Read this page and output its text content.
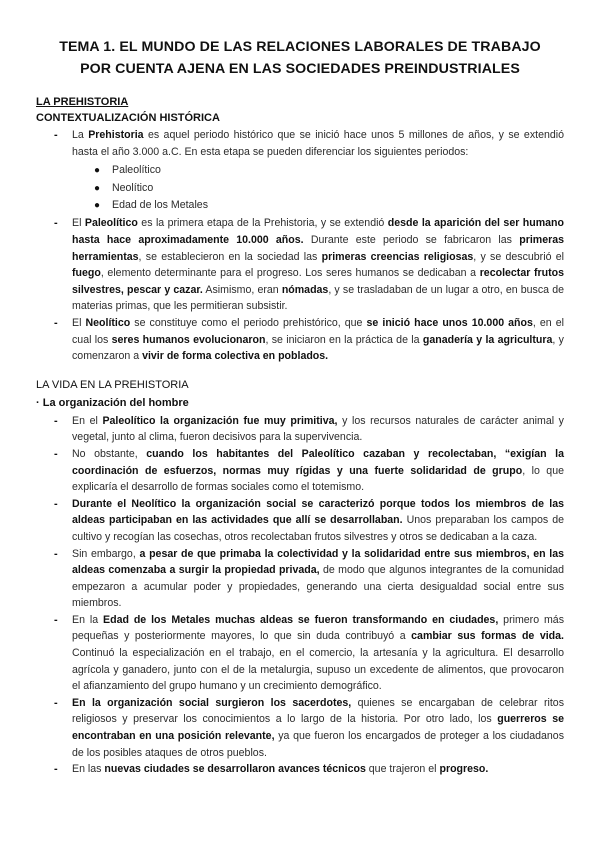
TEMA 1. EL MUNDO DE LAS RELACIONES LABORALES DE TRABAJO
POR CUENTA AJENA EN LAS SOCIEDADES PREINDUSTRIALES
LA PREHISTORIA
CONTEXTUALIZACIÓN HISTÓRICA
- La Prehistoria es aquel periodo histórico que se inició hace unos 5 millones de años, y se extendió hasta el año 3.000 a.C. En esta etapa se pueden diferenciar los siguientes periodos:

● Paleolítico
● Neolítico
● Edad de los Metales
- El Paleolítico es la primera etapa de la Prehistoria, y se extendió desde la aparición del ser humano hasta hace aproximadamente 10.000 años. Durante este periodo se fabricaron las primeras herramientas, se establecieron en la sociedad las primeras creencias religiosas, y se descubrió el fuego, elemento determinante para el progreso. Los seres humanos se dedicaban a recolectar frutos silvestres, pescar y cazar. Asimismo, eran nómadas, y se trasladaban de un lugar a otro, en busca de materias primas, que les permitieran subsistir.

- El Neolítico se constituye como el periodo prehistórico, que se inició hace unos 10.000 años, en el cual los seres humanos evolucionaron, se iniciaron en la práctica de la ganadería y la agricultura, y comenzaron a vivir de forma colectiva en poblados.

LA VIDA EN LA PREHISTORIA
· La organización del hombre
- En el Paleolítico la organización fue muy primitiva, y los recursos naturales de carácter animal y vegetal, junto al clima, fueron decisivos para la supervivencia.

- No obstante, cuando los habitantes del Paleolítico cazaban y recolectaban, “exigían la coordinación de esfuerzos, normas muy rígidas y una fuerte solidaridad de grupo, lo que explicaría el desarrollo de formas sociales como el totemismo.

- Durante el Neolítico la organización social se caracterizó porque todos los miembros de las aldeas participaban en las actividades que allí se desarrollaban. Unos preparaban los campos de cultivo y recogían las cosechas, otros recolectaban frutos silvestres y otros se dedicaban a la caza.

- Sin embargo, a pesar de que primaba la colectividad y la solidaridad entre sus miembros, en las aldeas comenzaba a surgir la propiedad privada, de modo que algunos integrantes de la comunidad empezaron a acumular poder y propiedades, generando una cierta desigualdad social entre sus miembros.

- En la Edad de los Metales muchas aldeas se fueron transformando en ciudades, primero más pequeñas y posteriormente mayores, lo que sin duda contribuyó a cambiar sus formas de vida. Continuó la especialización en el trabajo, en el comercio, la artesanía y la agricultura. El desarrollo agrícola y ganadero, junto con el de la metalurgia, supuso un excedente de alimentos, que provocaron el afianzamiento del grupo humano y un crecimiento demográfico.

- En la organización social surgieron los sacerdotes, quienes se encargaban de celebrar ritos religiosos y preservar los conocimientos a lo largo de la historia. Por otro lado, los guerreros se encontraban en una posición relevante, ya que fueron los encargados de proteger a los ciudadanos de los posibles ataques de otros pueblos.

- En las nuevas ciudades se desarrollaron avances técnicos que trajeron el progreso.
